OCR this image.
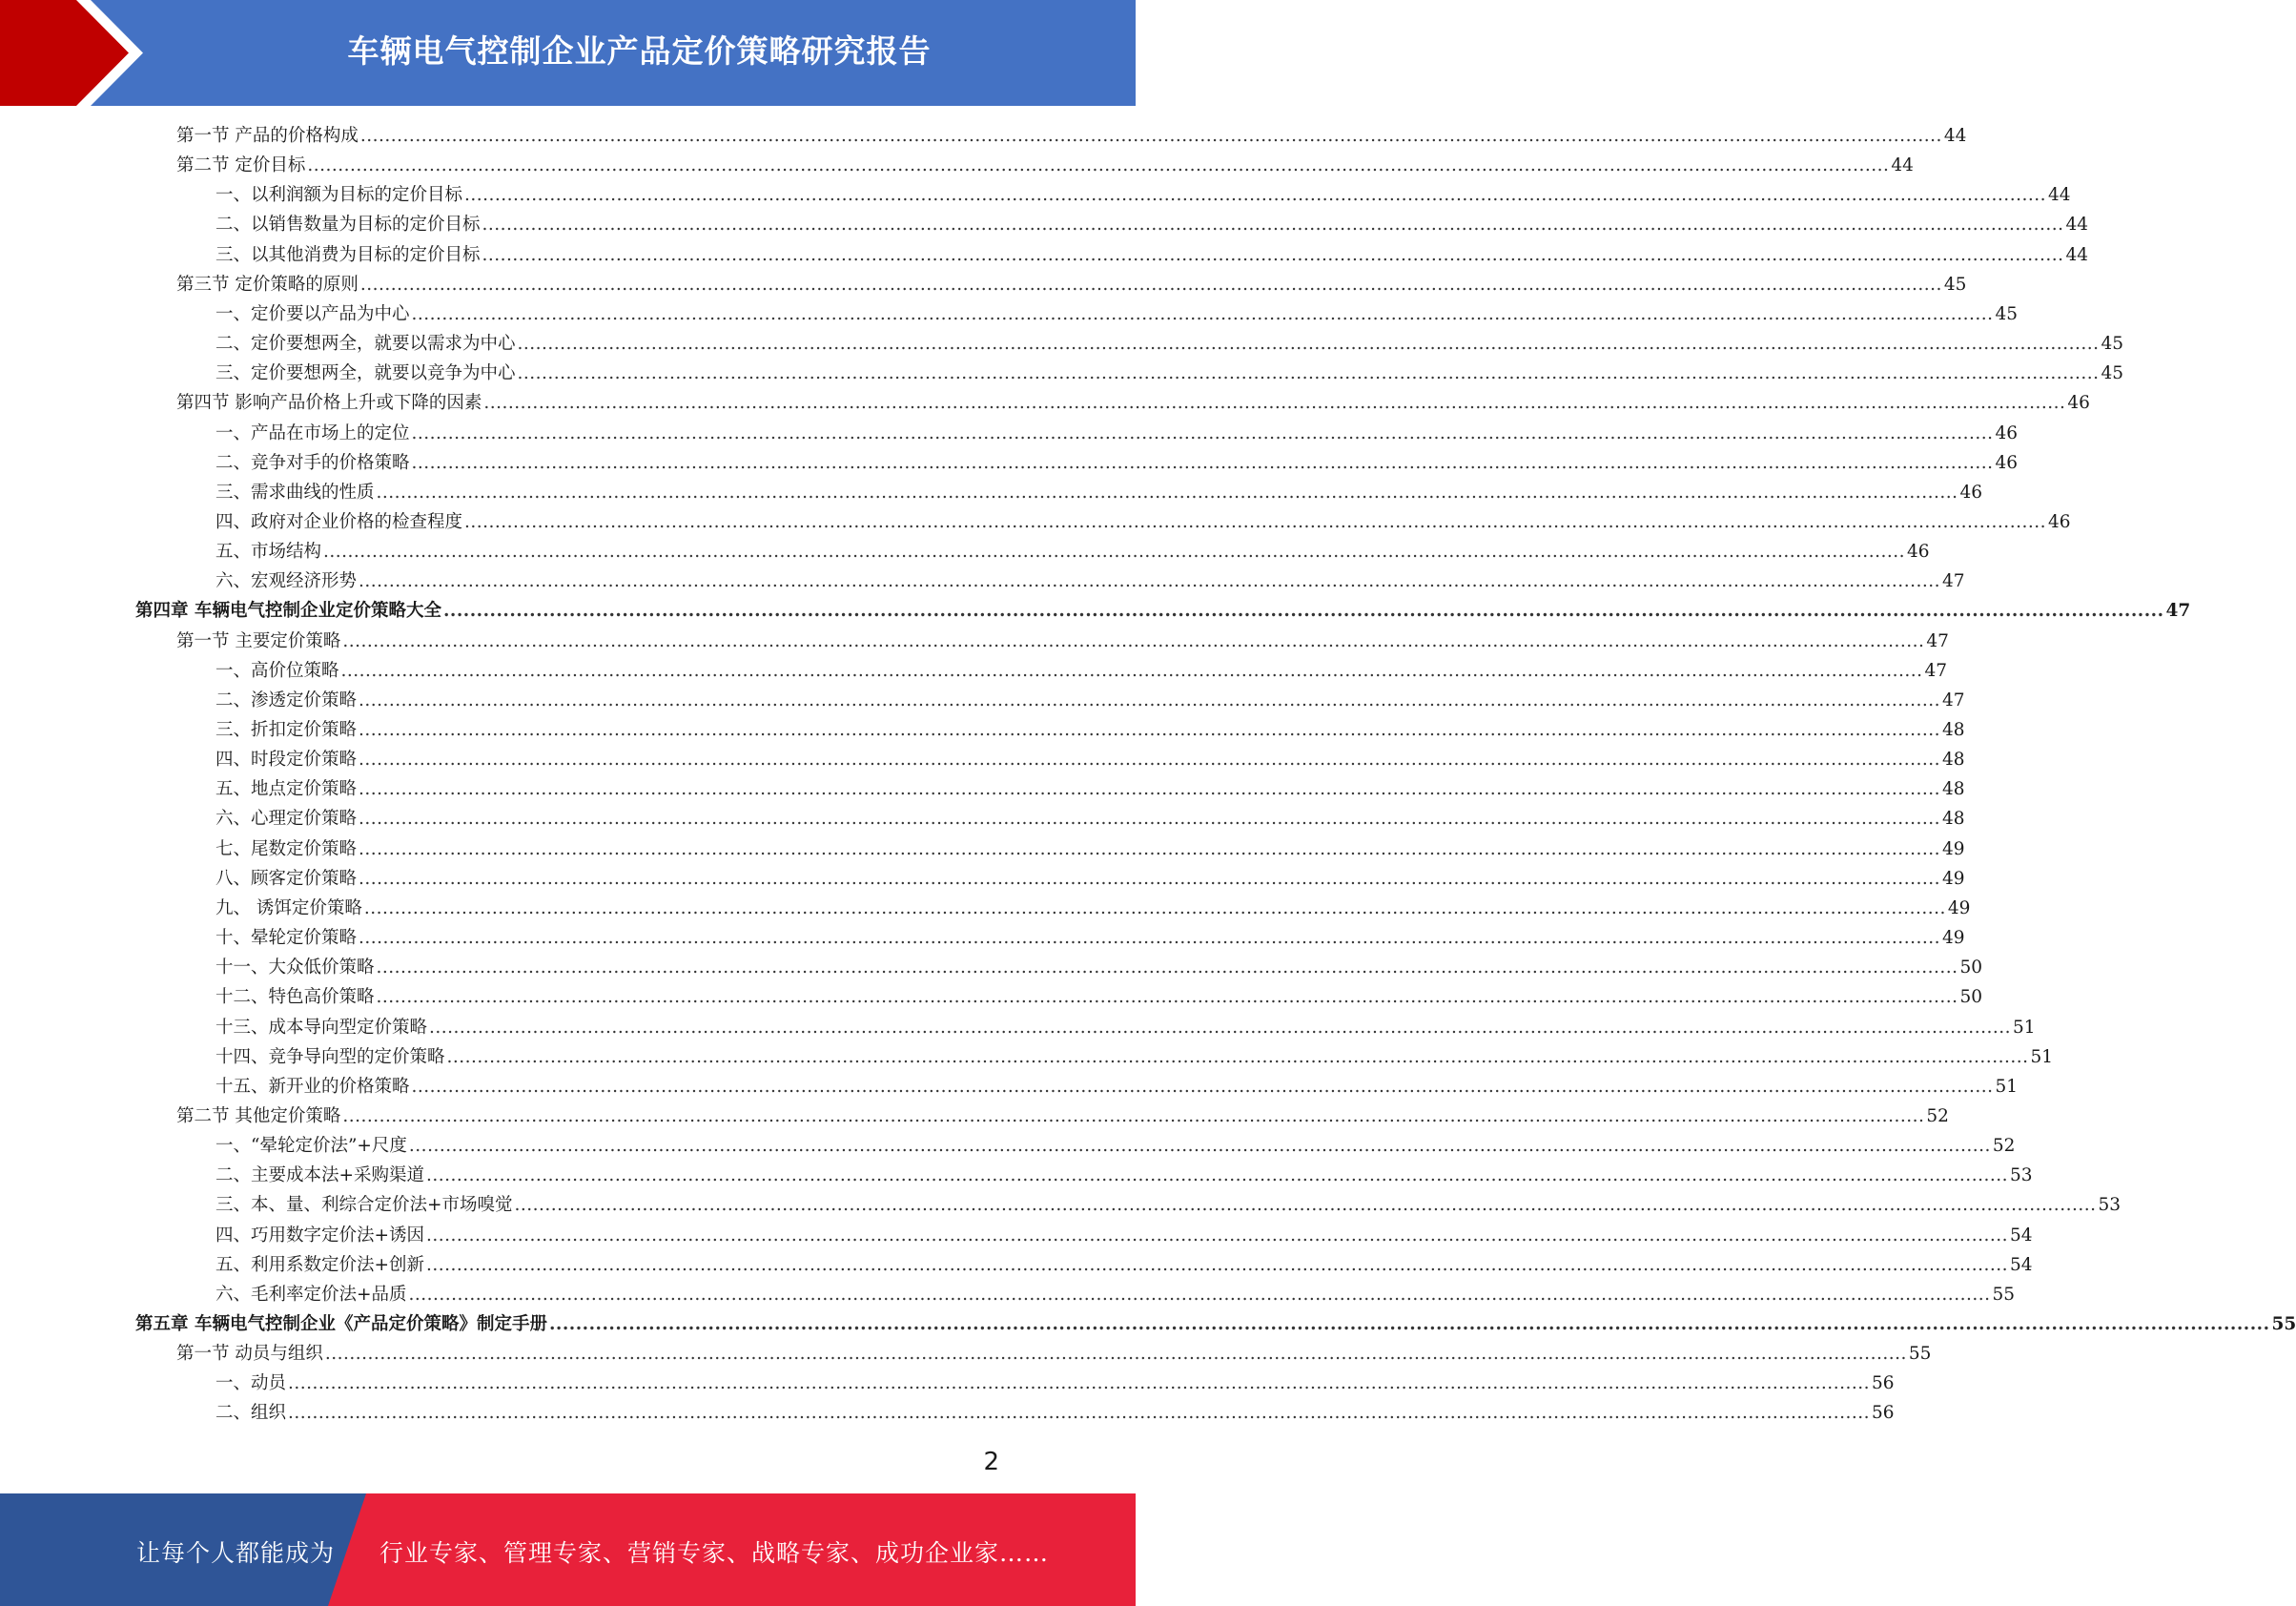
车辆电气控制企业产品定价策略研究报告
第一节 产品的价格构成 .................................................................................................................................................................................................................................................................... 44
第二节 定价目标 .................................................................................................................................................................................................................................................................... 44
一、以利润额为目标的定价目标 .................................................................................................................................................................................................................................................................... 44
二、以销售数量为目标的定价目标 .................................................................................................................................................................................................................................................................... 44
三、以其他消费为目标的定价目标 .................................................................................................................................................................................................................................................................... 44
第三节 定价策略的原则 .................................................................................................................................................................................................................................................................... 45
一、定价要以产品为中心 .................................................................................................................................................................................................................................................................... 45
二、定价要想两全，就要以需求为中心 .................................................................................................................................................................................................................................................................... 45
三、定价要想两全，就要以竞争为中心 .................................................................................................................................................................................................................................................................... 45
第四节 影响产品价格上升或下降的因素 .................................................................................................................................................................................................................................................................... 46
一、产品在市场上的定位 .................................................................................................................................................................................................................................................................... 46
二、竞争对手的价格策略 .................................................................................................................................................................................................................................................................... 46
三、需求曲线的性质 .................................................................................................................................................................................................................................................................... 46
四、政府对企业价格的检查程度 .................................................................................................................................................................................................................................................................... 46
五、市场结构 .................................................................................................................................................................................................................................................................... 46
六、宏观经济形势 .................................................................................................................................................................................................................................................................... 47
第四章 车辆电气控制企业定价策略大全 .................................................................................................................................................................................................................................................................... 47
第一节 主要定价策略 .................................................................................................................................................................................................................................................................... 47
一、高价位策略 .................................................................................................................................................................................................................................................................... 47
二、渗透定价策略 .................................................................................................................................................................................................................................................................... 47
三、折扣定价策略 .................................................................................................................................................................................................................................................................... 48
四、时段定价策略 .................................................................................................................................................................................................................................................................... 48
五、地点定价策略 .................................................................................................................................................................................................................................................................... 48
六、心理定价策略 .................................................................................................................................................................................................................................................................... 48
七、尾数定价策略 .................................................................................................................................................................................................................................................................... 49
八、顾客定价策略 .................................................................................................................................................................................................................................................................... 49
九、 诱饵定价策略 .................................................................................................................................................................................................................................................................... 49
十、晕轮定价策略 .................................................................................................................................................................................................................................................................... 49
十一、大众低价策略 .................................................................................................................................................................................................................................................................... 50
十二、特色高价策略 .................................................................................................................................................................................................................................................................... 50
十三、成本导向型定价策略 .................................................................................................................................................................................................................................................................... 51
十四、竞争导向型的定价策略 .................................................................................................................................................................................................................................................................... 51
十五、新开业的价格策略 .................................................................................................................................................................................................................................................................... 51
第二节 其他定价策略 .................................................................................................................................................................................................................................................................... 52
一、“晕轮定价法”+尺度 .................................................................................................................................................................................................................................................................... 52
二、主要成本法+采购渠道 .................................................................................................................................................................................................................................................................... 53
三、本、量、利综合定价法+市场嗅觉 .................................................................................................................................................................................................................................................................... 53
四、巧用数字定价法+诱因 .................................................................................................................................................................................................................................................................... 54
五、利用系数定价法+创新 .................................................................................................................................................................................................................................................................... 54
六、毛利率定价法+品质 .................................................................................................................................................................................................................................................................... 55
第五章 车辆电气控制企业《产品定价策略》制定手册 .................................................................................................................................................................................................................................................................... 55
第一节 动员与组织 .................................................................................................................................................................................................................................................................... 55
一、动员 .................................................................................................................................................................................................................................................................... 56
二、组织 .................................................................................................................................................................................................................................................................... 56
2
让每个人都能成为 行业专家、管理专家、营销专家、战略专家、成功企业家……
